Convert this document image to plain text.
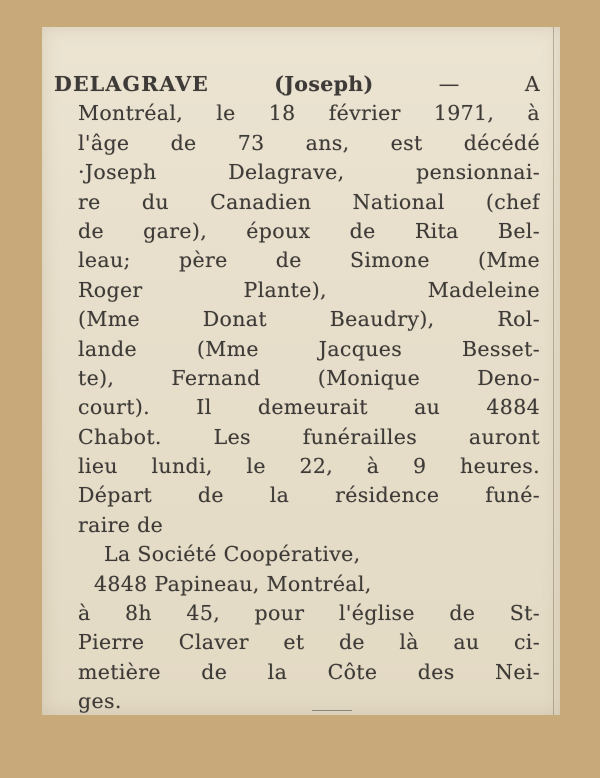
DELAGRAVE	(Joseph)	—	A
Montréal, le 18 février 1971, à
l'âge de 73 ans, est décédé
·Joseph Delagrave, pensionnai-
re du Canadien National (chef
de gare), époux de Rita Bel-
leau; père de Simone (Mme
Roger Plante), Madeleine
(Mme Donat Beaudry), Rol-
lande (Mme Jacques Besset-
te), Fernand (Monique Deno-
court). Il demeurait au 4884
Chabot. Les funérailles auront
lieu lundi, le 22, à 9 heures.
Départ de la résidence funé-
raire de
La Société Coopérative,
4848 Papineau, Montréal,
à 8h 45, pour l'église de St-
Pierre Claver et de là au ci-
metière de la Côte des Nei-
ges.
